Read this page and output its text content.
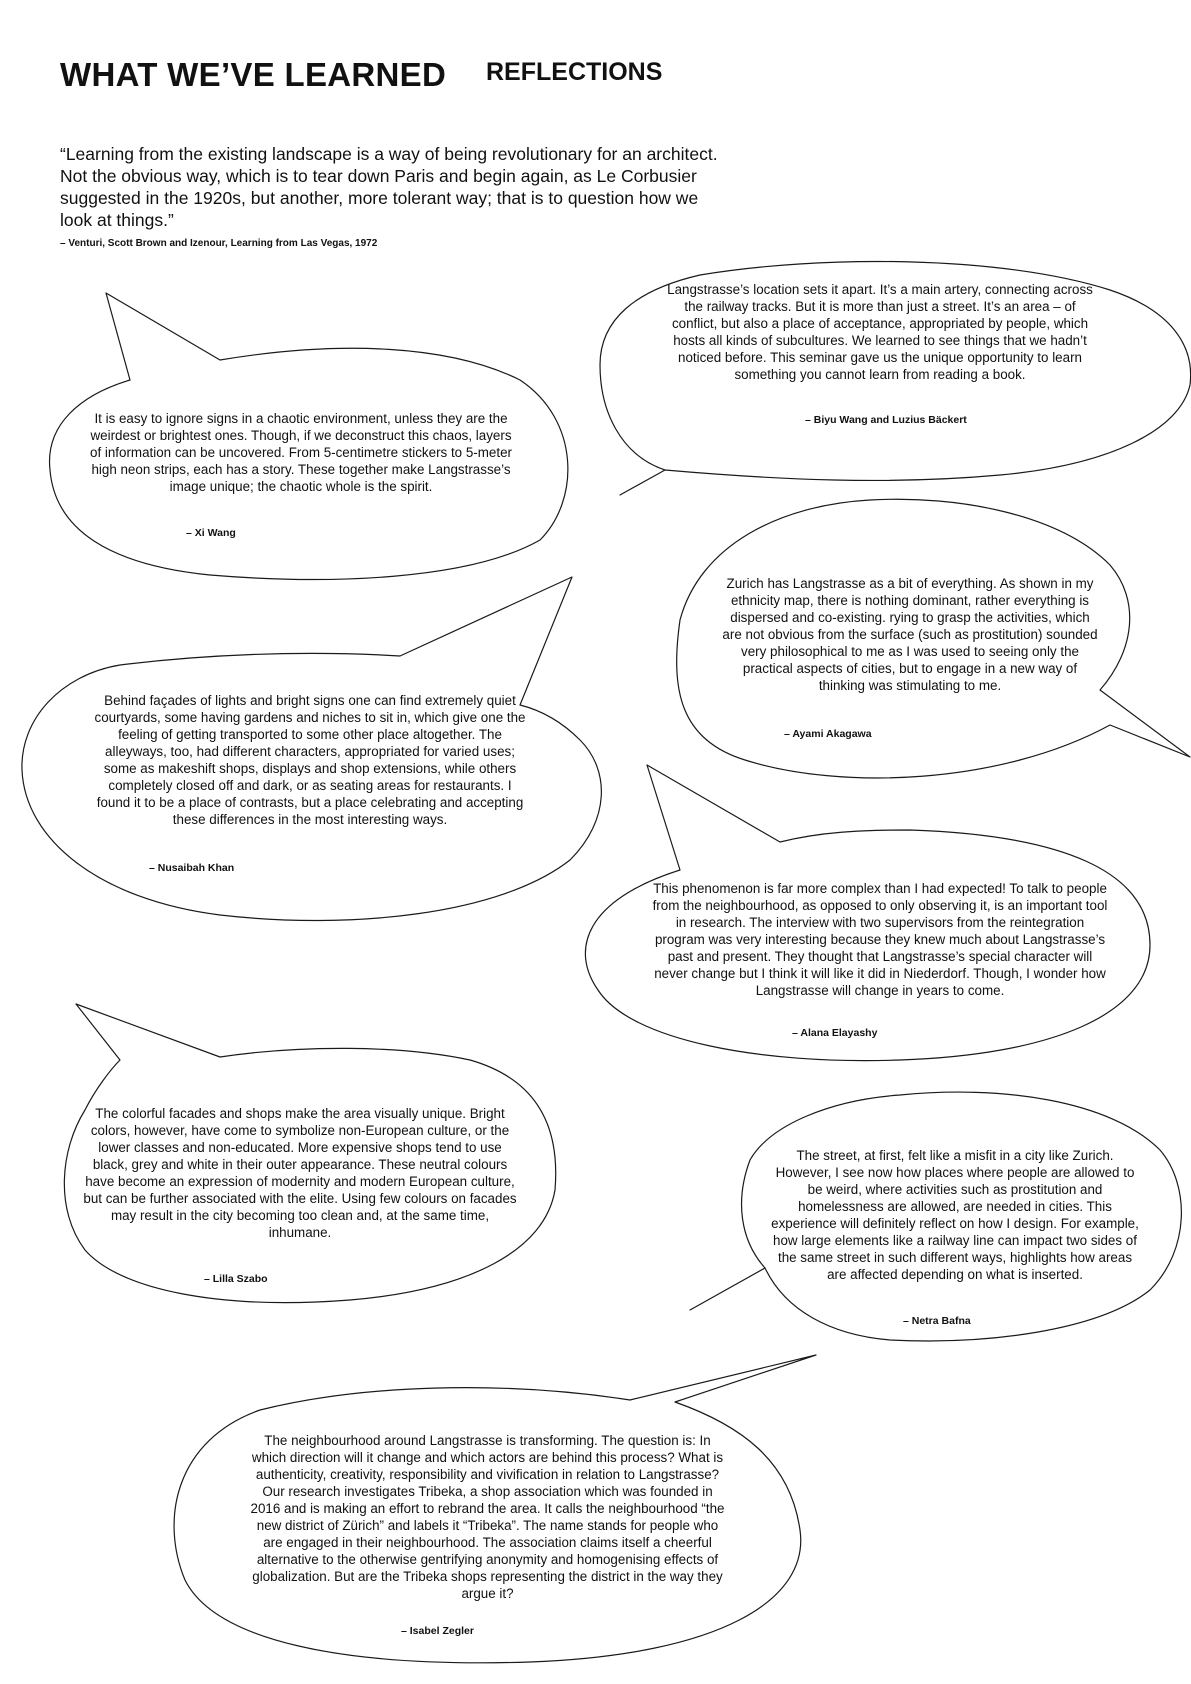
WHAT WE’VE LEARNED REFLECTIONS

“Learning from the existing landscape is a way of being revolutionary for an architect. Not the obvious way, which is to tear down Paris and begin again, as Le Corbusier suggested in the 1920s, but another, more tolerant way; that is to question how we look at things.”

– Venturi, Scott Brown and Izenour, Learning from Las Vegas, 1972

It is easy to ignore signs in a chaotic environment, unless they are the weirdest or brightest ones. Though, if we deconstruct this chaos, layers of information can be uncovered. From 5-centimetre stickers to 5-meter high neon strips, each has a story. These together make Langstrasse’s image unique; the chaotic whole is the spirit.

– Xi Wang

Langstrasse’s location sets it apart. It’s a main artery, connecting across the railway tracks. But it is more than just a street. It’s an area – of conflict, but also a place of acceptance, appropriated by people, which hosts all kinds of subcultures. We learned to see things that we hadn’t noticed before. This seminar gave us the unique opportunity to learn something you cannot learn from reading a book.

– Biyu Wang and Luzius Bäckert

Zurich has Langstrasse as a bit of everything. As shown in my ethnicity map, there is nothing dominant, rather everything is dispersed and co-existing. rying to grasp the activities, which are not obvious from the surface (such as prostitution) sounded very philosophical to me as I was used to seeing only the practical aspects of cities, but to engage in a new way of thinking was stimulating to me.

– Ayami Akagawa

Behind façades of lights and bright signs one can find extremely quiet courtyards, some having gardens and niches to sit in, which give one the feeling of getting transported to some other place altogether. The alleyways, too, had different characters, appropriated for varied uses; some as makeshift shops, displays and shop extensions, while others completely closed off and dark, or as seating areas for restaurants. I found it to be a place of contrasts, but a place celebrating and accepting these differences in the most interesting ways.

– Nusaibah Khan

This phenomenon is far more complex than I had expected! To talk to people from the neighbourhood, as opposed to only observing it, is an important tool in research. The interview with two supervisors from the reintegration program was very interesting because they knew much about Langstrasse’s past and present. They thought that Langstrasse’s special character will never change but I think it will like it did in Niederdorf. Though, I wonder how Langstrasse will change in years to come.

– Alana Elayashy

The colorful facades and shops make the area visually unique. Bright colors, however, have come to symbolize non-European culture, or the lower classes and non-educated. More expensive shops tend to use black, grey and white in their outer appearance. These neutral colours have become an expression of modernity and modern European culture, but can be further associated with the elite. Using few colours on facades may result in the city becoming too clean and, at the same time, inhumane.

– Lilla Szabo

The street, at first, felt like a misfit in a city like Zurich. However, I see now how places where people are allowed to be weird, where activities such as prostitution and homelessness are allowed, are needed in cities. This experience will definitely reflect on how I design. For example, how large elements like a railway line can impact two sides of the same street in such different ways, highlights how areas are affected depending on what is inserted.

– Netra Bafna

The neighbourhood around Langstrasse is transforming. The question is: In which direction will it change and which actors are behind this process? What is authenticity, creativity, responsibility and vivification in relation to Langstrasse? Our research investigates Tribeka, a shop association which was founded in 2016 and is making an effort to rebrand the area. It calls the neighbourhood “the new district of Zürich” and labels it “Tribeka”. The name stands for people who are engaged in their neighbourhood. The association claims itself a cheerful alternative to the otherwise gentrifying anonymity and homogenising effects of globalization. But are the Tribeka shops representing the district in the way they argue it?

– Isabel Zegler
